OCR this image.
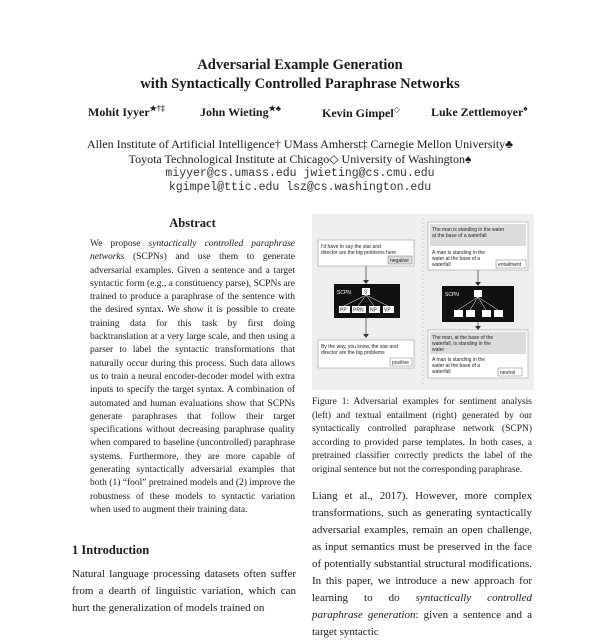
Adversarial Example Generation
with Syntactically Controlled Paraphrase Networks
Mohit Iyyer★†‡	John Wieting★♣	Kevin Gimpel◇	Luke Zettlemoyer♠
Allen Institute of Artificial Intelligence† UMass Amherst‡ Carnegie Mellon University♣
Toyota Technological Institute at Chicago◇ University of Washington♠
miyyer@cs.umass.edu jwieting@cs.cmu.edu
kgimpel@ttic.edu lsz@cs.washington.edu
Abstract
We propose syntactically controlled paraphrase networks (SCPNs) and use them to generate adversarial examples. Given a sentence and a target syntactic form (e.g., a constituency parse), SCPNs are trained to produce a paraphrase of the sentence with the desired syntax. We show it is possible to create training data for this task by first doing backtranslation at a very large scale, and then using a parser to label the syntactic transformations that naturally occur during this process. Such data allows us to train a neural encoder-decoder model with extra inputs to specify the target syntax. A combination of automated and human evaluations show that SCPNs generate paraphrases that follow their target specifications without decreasing paraphrase quality when compared to baseline (uncontrolled) paraphrase systems. Furthermore, they are more capable of generating syntactically adversarial examples that both (1) “fool” pretrained models and (2) improve the robustness of these models to syntactic variation when used to augment their training data.
1 Introduction
Natural language processing datasets often suffer from a dearth of linguistic variation, which can hurt the generalization of models trained on
I'd have to say the star and director are the big problems here
negative
SCPN	S
PP PRN NP VP
By the way, you know, the star and director are the big problems
positive
The man is standing in the water at the base of a waterfall
A man is standing in the water at the base of a waterfall	entailment
SCPN
The man, at the base of the waterfall, is standing in the water
A man is standing in the water at the base of a waterfall	neutral
Figure 1: Adversarial examples for sentiment analysis (left) and textual entailment (right) generated by our syntactically controlled paraphrase network (SCPN) according to provided parse templates. In both cases, a pretrained classifier correctly predicts the label of the original sentence but not the corresponding paraphrase.
Liang et al., 2017). However, more complex transformations, such as generating syntactically adversarial examples, remain an open challenge, as input semantics must be preserved in the face of potentially substantial structural modifications. In this paper, we introduce a new approach for learning to do syntactically controlled paraphrase generation: given a sentence and a target syntactic
